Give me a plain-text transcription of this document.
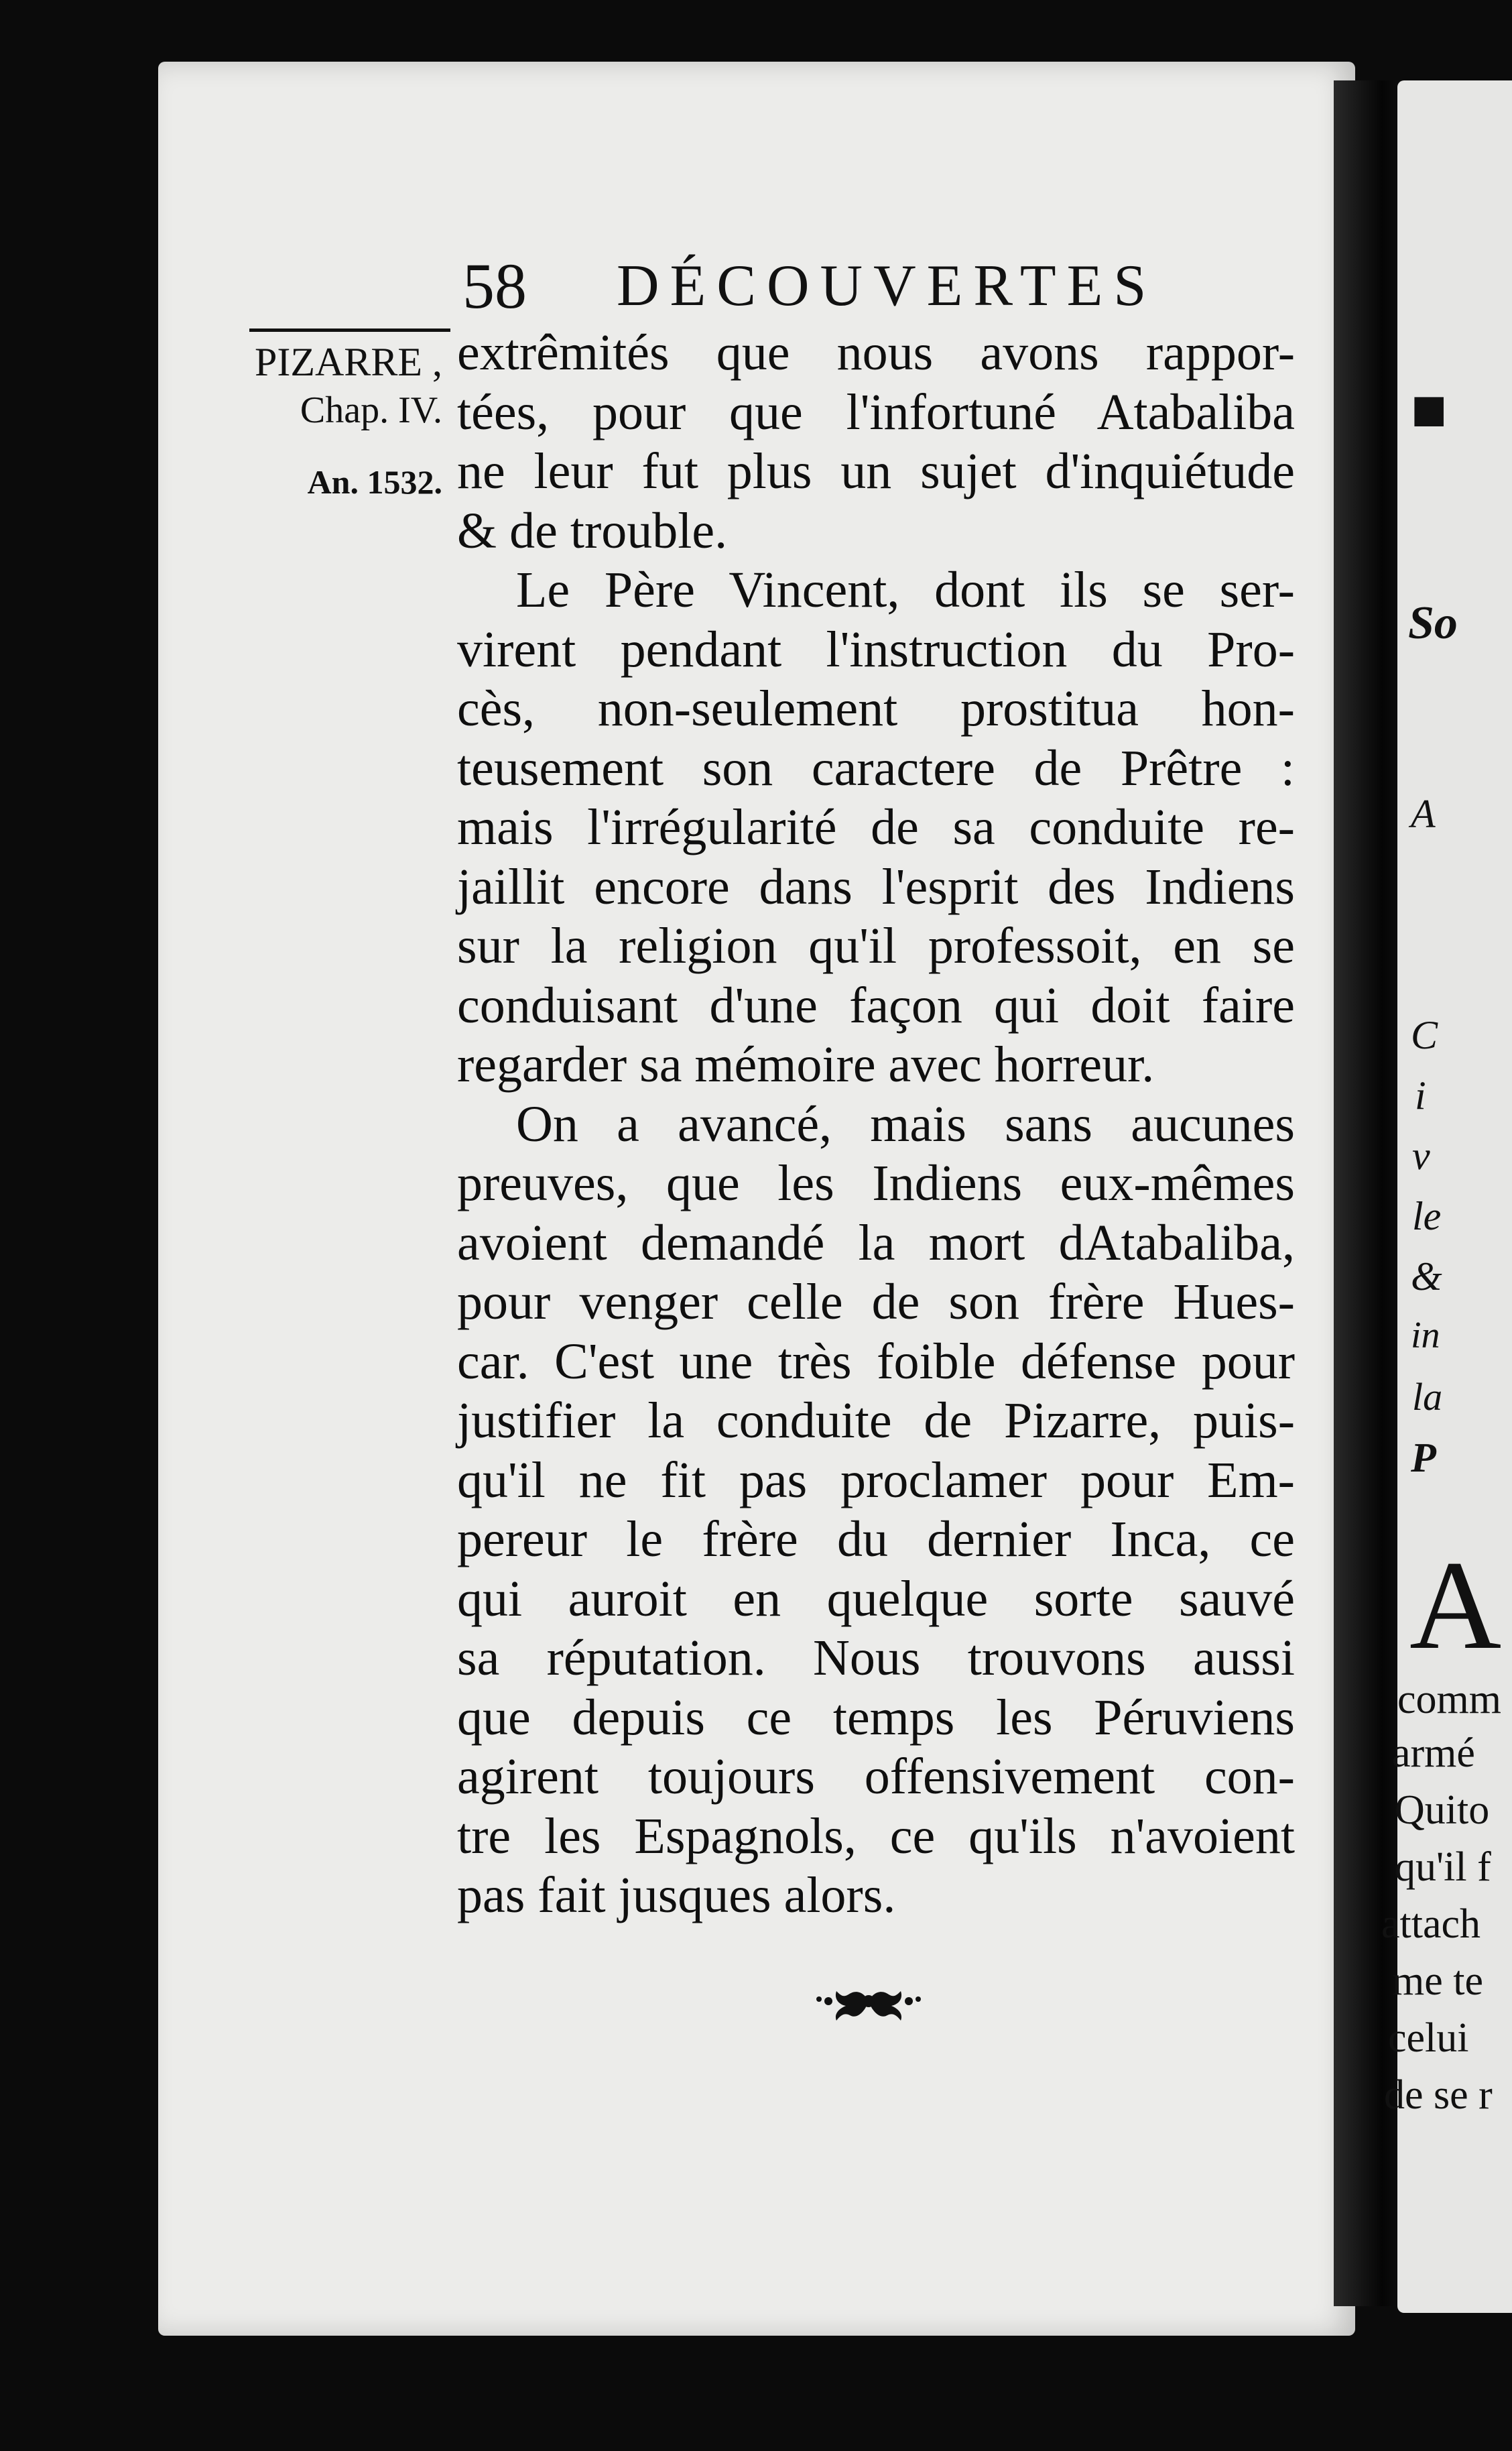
■
So
A
C
i
v
le
&
in
la
P
A
comm
armé
Quito
qu'il f
attach
me te
celui
de se r
58 DÉCOUVERTES
PIZARRE ,
Chap. IV.
An. 1532.
extrêmités que nous avons rappor-
tées, pour que l'infortuné Atabaliba
ne leur fut plus un sujet d'inquiétude
& de trouble.
Le Père Vincent, dont ils se ser-
virent pendant l'instruction du Pro-
cès, non-seulement prostitua hon-
teusement son caractere de Prêtre :
mais l'irrégularité de sa conduite re-
jaillit encore dans l'esprit des Indiens
sur la religion qu'il professoit, en se
conduisant d'une façon qui doit faire
regarder sa mémoire avec horreur.
On a avancé, mais sans aucunes
preuves, que les Indiens eux-mêmes
avoient demandé la mort dAtabaliba,
pour venger celle de son frère Hues-
car. C'est une très foible défense pour
justifier la conduite de Pizarre, puis-
qu'il ne fit pas proclamer pour Em-
pereur le frère du dernier Inca, ce
qui auroit en quelque sorte sauvé
sa réputation. Nous trouvons aussi
que depuis ce temps les Péruviens
agirent toujours offensivement con-
tre les Espagnols, ce qu'ils n'avoient
pas fait jusques alors.
